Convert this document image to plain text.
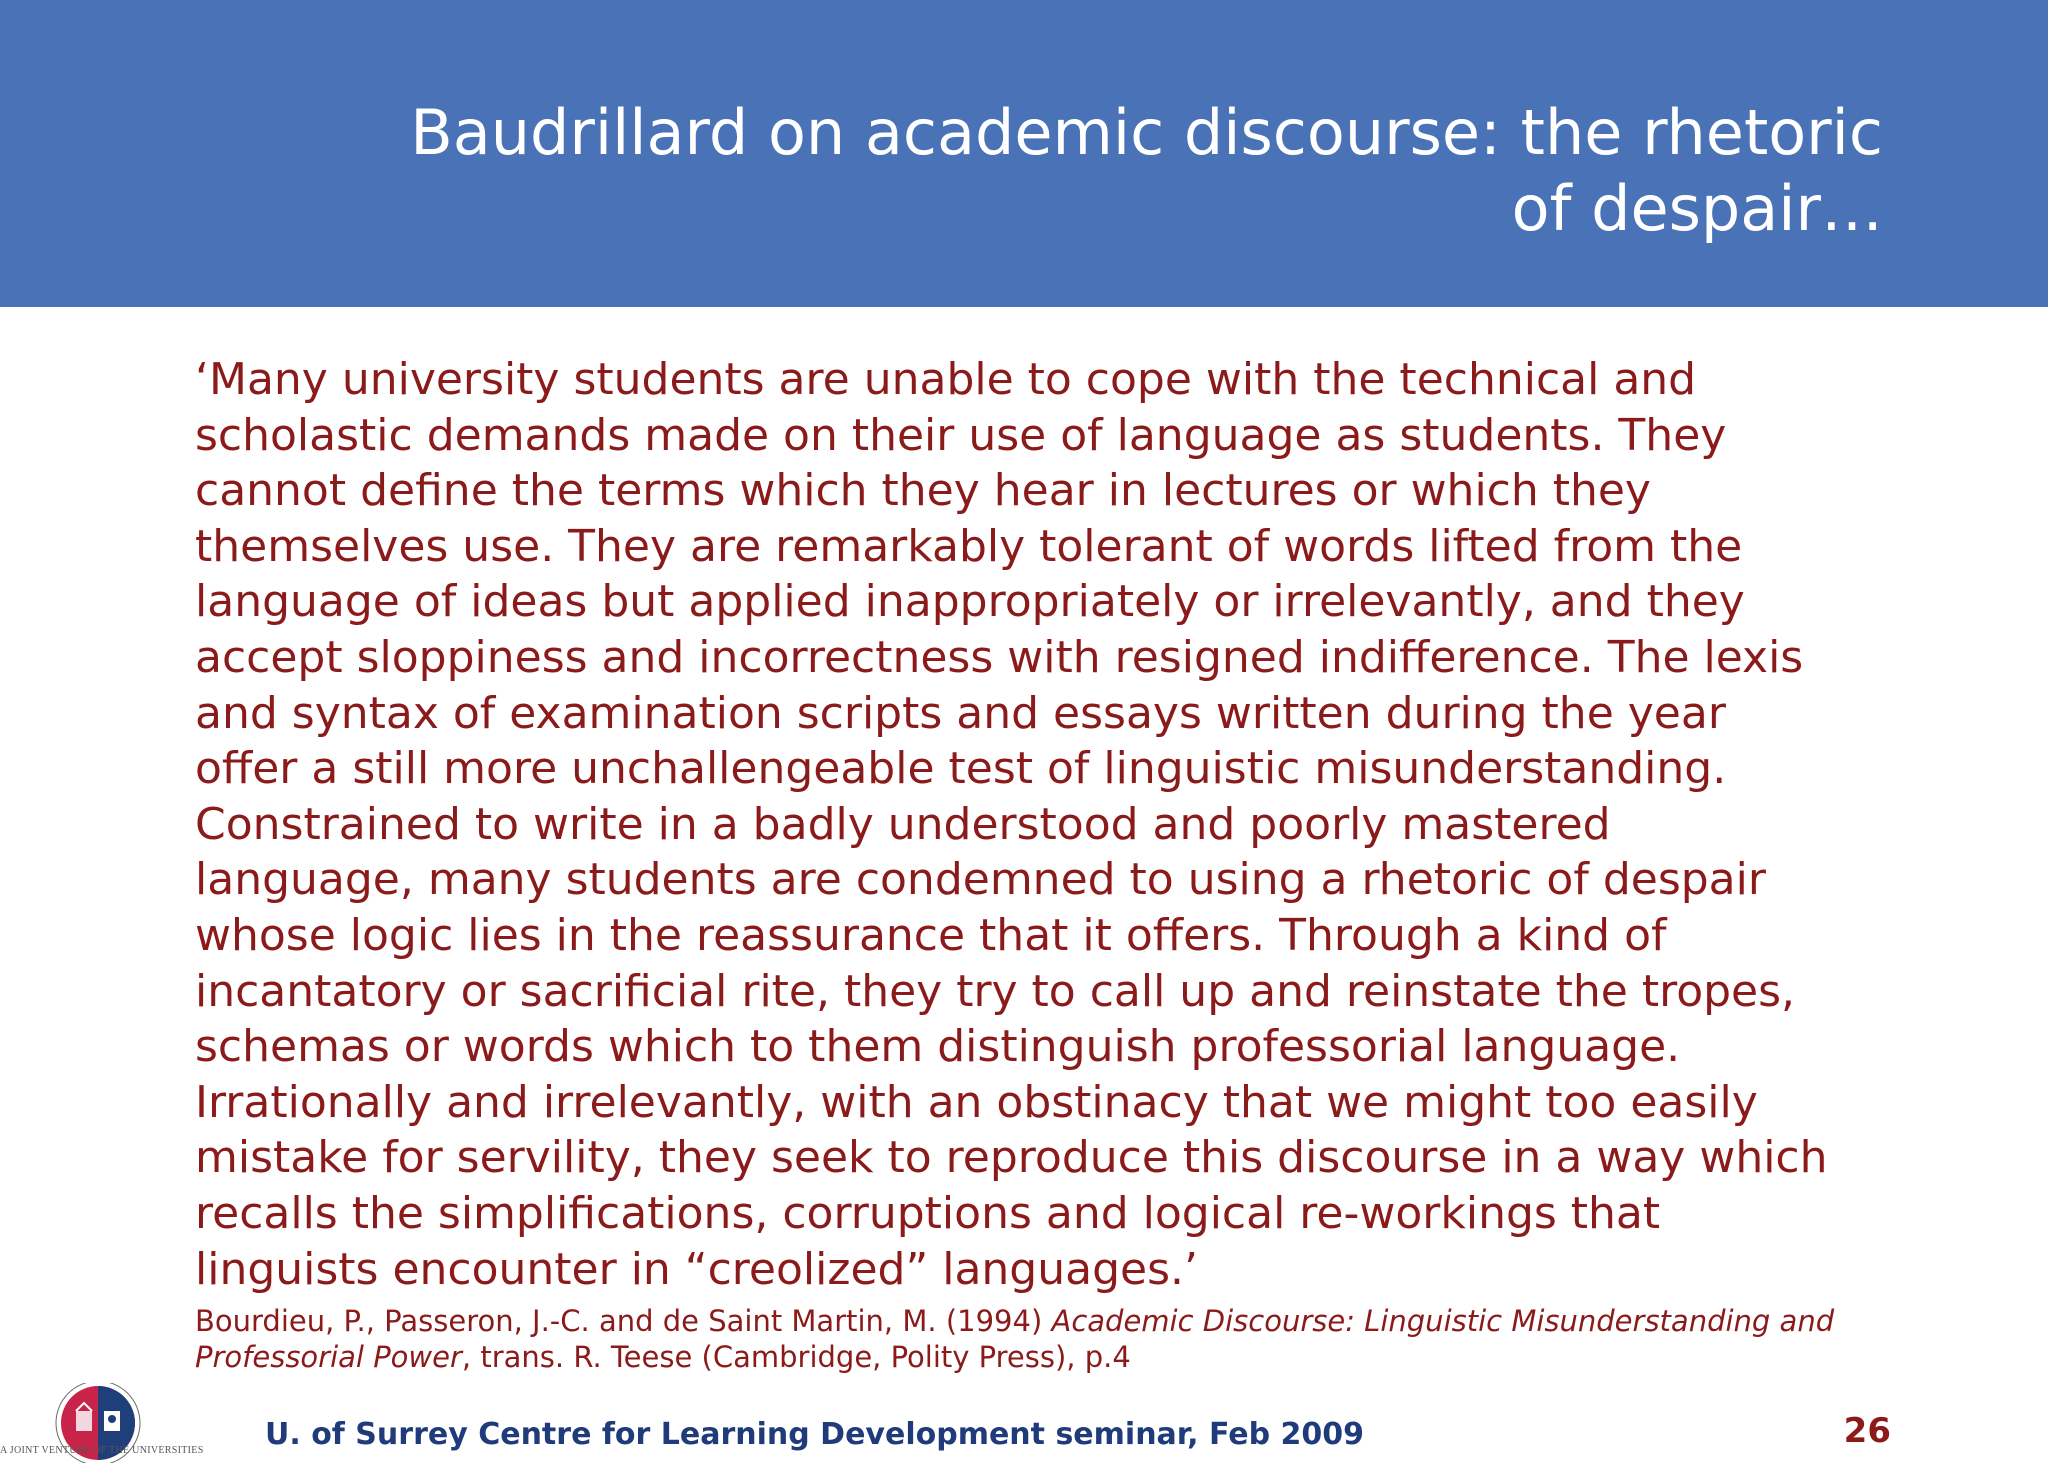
Baudrillard on academic discourse: the rhetoric
of despair…
‘Many university students are unable to cope with the technical and
scholastic demands made on their use of language as students. They
cannot define the terms which they hear in lectures or which they
themselves use. They are remarkably tolerant of words lifted from the
language of ideas but applied inappropriately or irrelevantly, and they
accept sloppiness and incorrectness with resigned indifference. The lexis
and syntax of examination scripts and essays written during the year
offer a still more unchallengeable test of linguistic misunderstanding.
Constrained to write in a badly understood and poorly mastered
language, many students are condemned to using a rhetoric of despair
whose logic lies in the reassurance that it offers. Through a kind of
incantatory or sacrificial rite, they try to call up and reinstate the tropes,
schemas or words which to them distinguish professorial language.
Irrationally and irrelevantly, with an obstinacy that we might too easily
mistake for servility, they seek to reproduce this discourse in a way which
recalls the simplifications, corruptions and logical re-workings that
linguists encounter in “creolized” languages.’

Bourdieu, P., Passeron, J.-C. and de Saint Martin, M. (1994) Academic Discourse: Linguistic Misunderstanding and Professorial Power, trans. R. Teese (Cambridge, Polity Press), p.4

A JOINT VENTURE OF THE UNIVERSITIES U. of Surrey Centre for Learning Development seminar, Feb 2009	26
